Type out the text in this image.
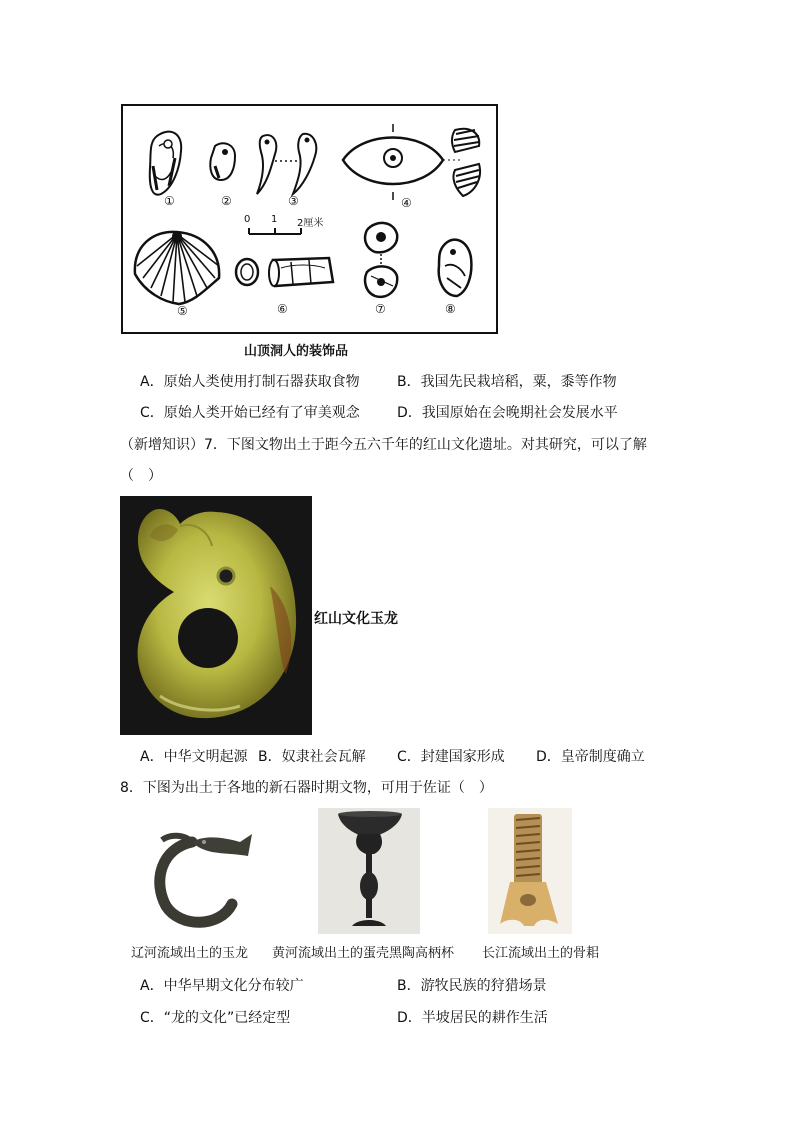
①	②	③	④
⑤	⑥	⑦	⑧
0 1 2厘米
山顶洞人的装饰品
A．原始人类使用打制石器获取食物	B．我国先民栽培稻，粟，黍等作物
C．原始人类开始已经有了审美观念	D．我国原始在会晚期社会发展水平
（新增知识）7．下图文物出土于距今五六千年的红山文化遗址。对其研究，可以了解
（　）
红山文化玉龙
A．中华文明起源 B．奴隶社会瓦解 C．封建国家形成 D．皇帝制度确立
8．下图为出土于各地的新石器时期文物，可用于佐证（　）
辽河流域出土的玉龙 黄河流域出土的蛋壳黑陶高柄杯 长江流域出土的骨耜
A．中华早期文化分布较广	B．游牧民族的狩猎场景
C．“龙的文化”已经定型	D．半坡居民的耕作生活
